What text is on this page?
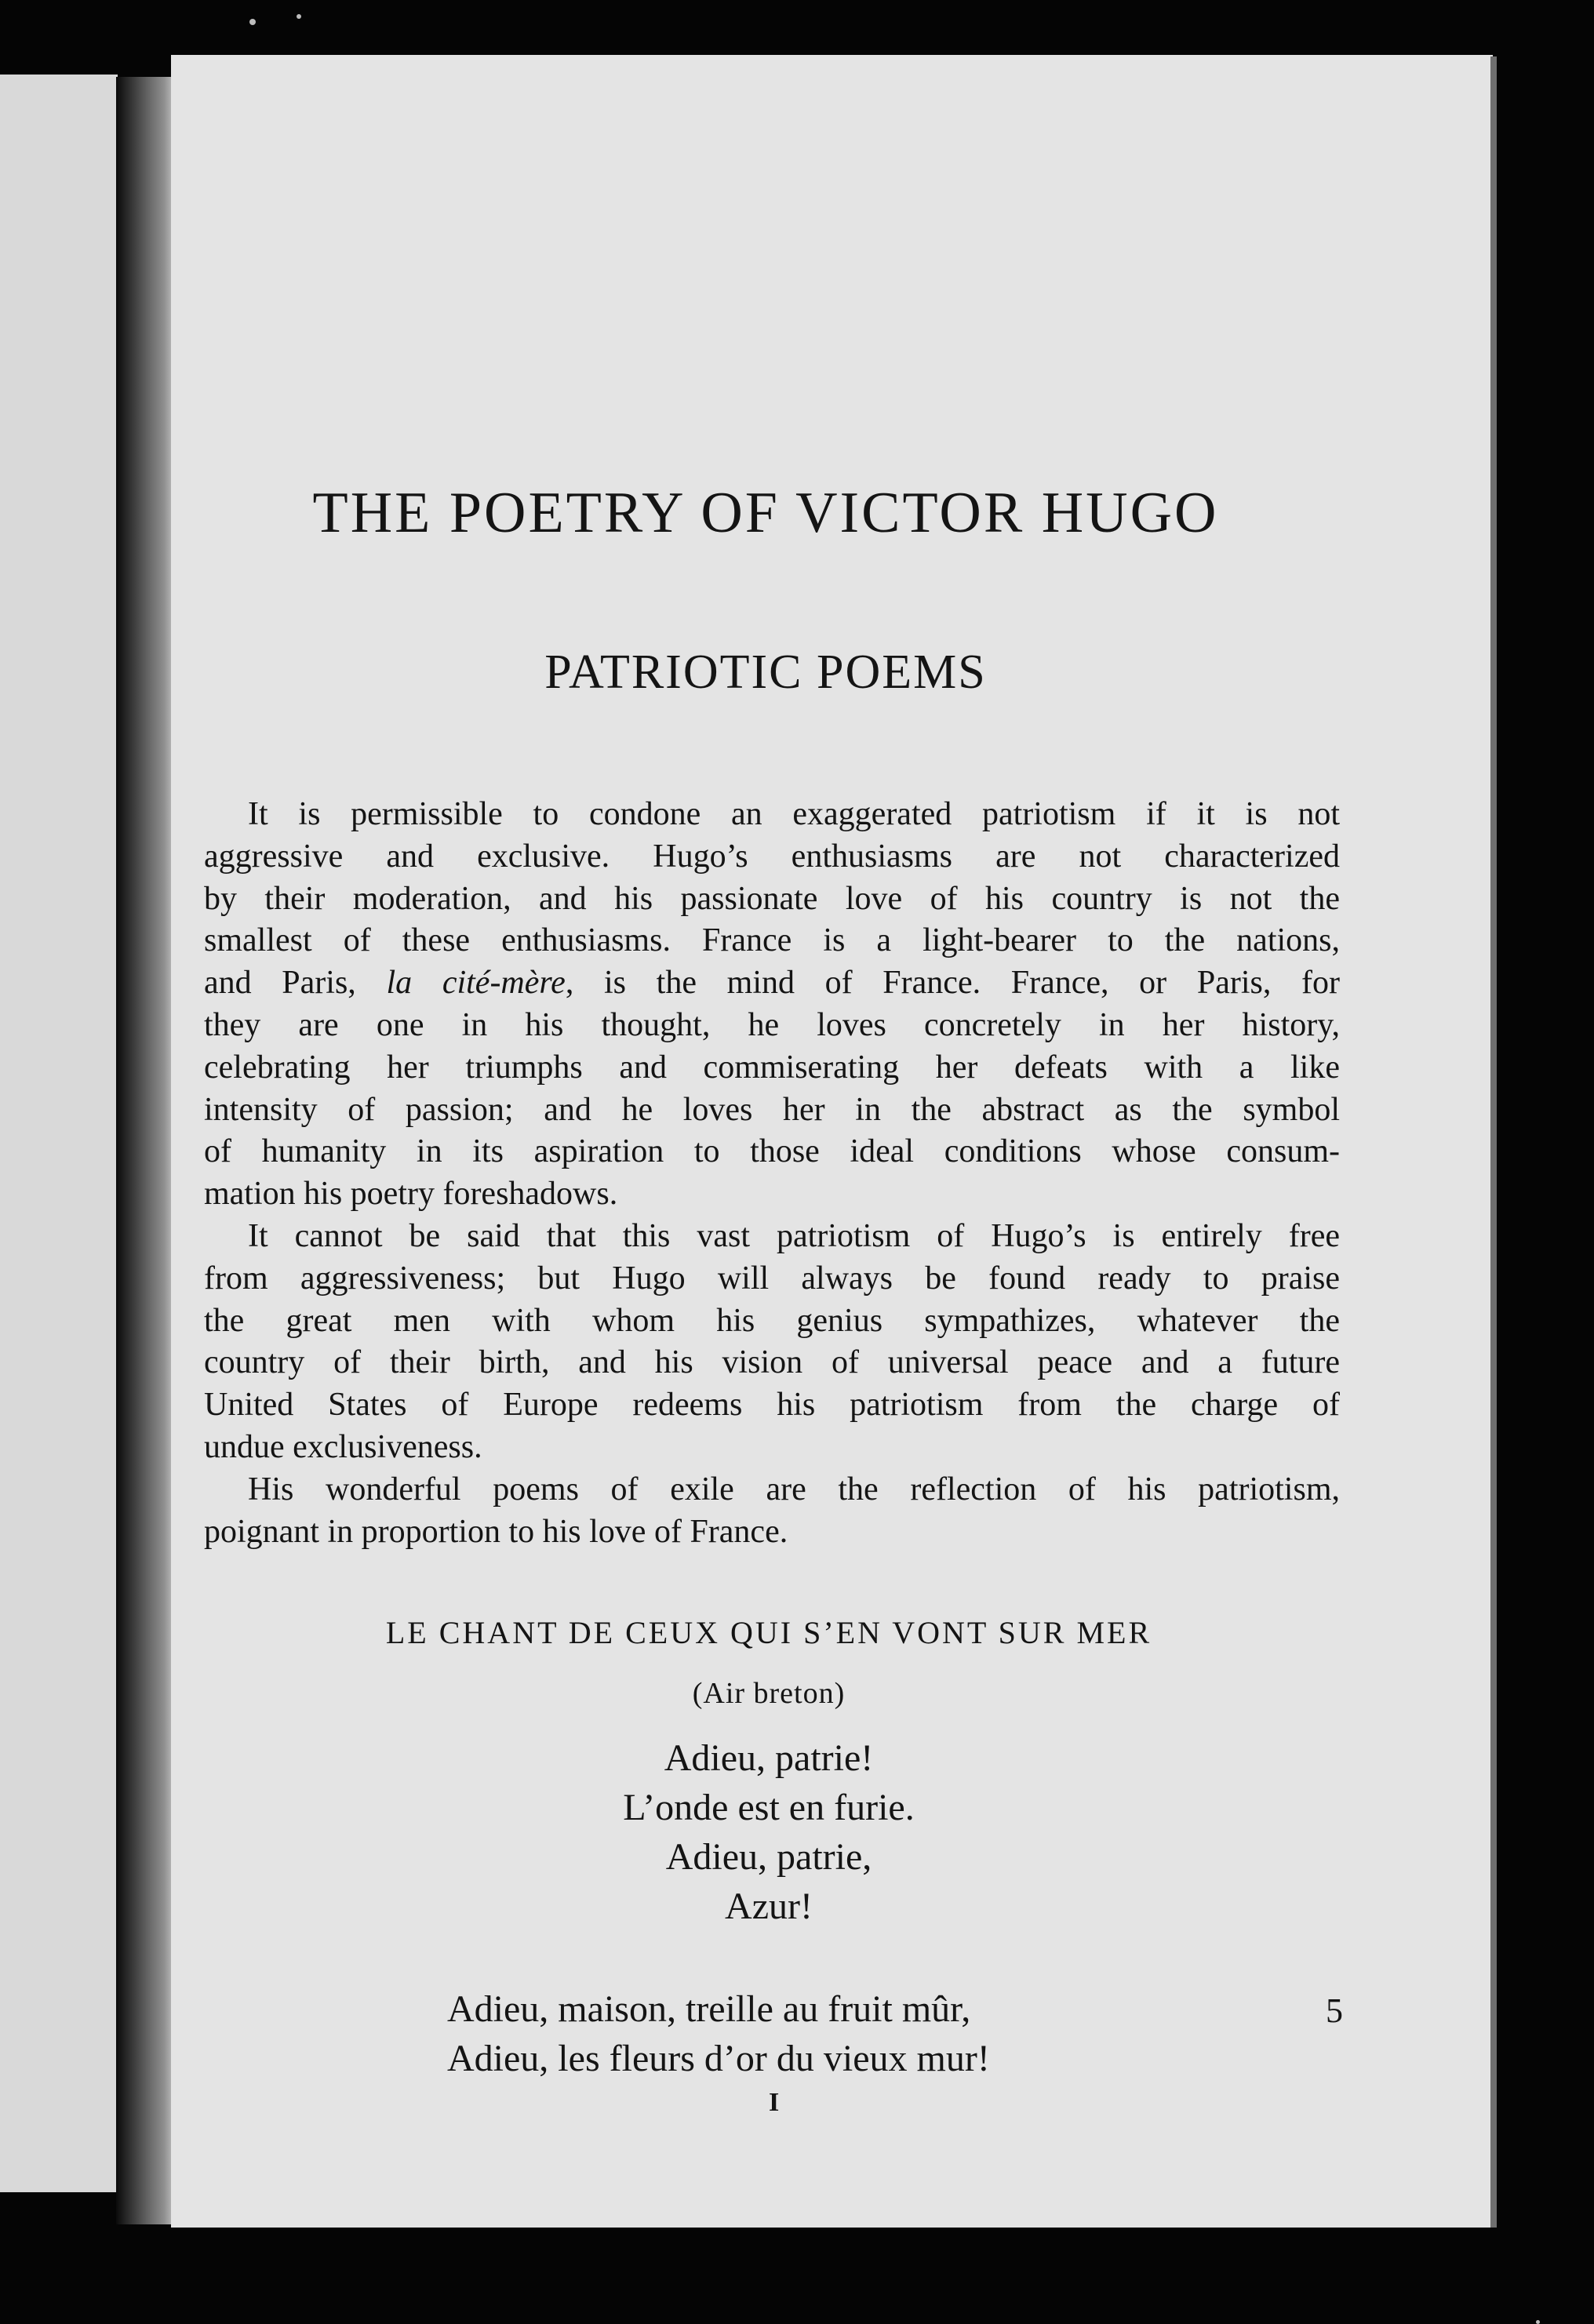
THE POETRY OF VICTOR HUGO
PATRIOTIC POEMS
It is permissible to condone an exaggerated patriotism if it is not
aggressive and exclusive. Hugo’s enthusiasms are not characterized
by their moderation, and his passionate love of his country is not the
smallest of these enthusiasms. France is a light-bearer to the nations,
and Paris, la cité-mère, is the mind of France. France, or Paris, for
they are one in his thought, he loves concretely in her history,
celebrating her triumphs and commiserating her defeats with a like
intensity of passion; and he loves her in the abstract as the symbol
of humanity in its aspiration to those ideal conditions whose consum-
mation his poetry foreshadows.
It cannot be said that this vast patriotism of Hugo’s is entirely free
from aggressiveness; but Hugo will always be found ready to praise
the great men with whom his genius sympathizes, whatever the
country of their birth, and his vision of universal peace and a future
United States of Europe redeems his patriotism from the charge of
undue exclusiveness.
His wonderful poems of exile are the reflection of his patriotism,
poignant in proportion to his love of France.
LE CHANT DE CEUX QUI S’EN VONT SUR MER
(Air breton)
Adieu, patrie!
L’onde est en furie.
Adieu, patrie,
Azur!
Adieu, maison, treille au fruit mûr,
Adieu, les fleurs d’or du vieux mur!
5
I
